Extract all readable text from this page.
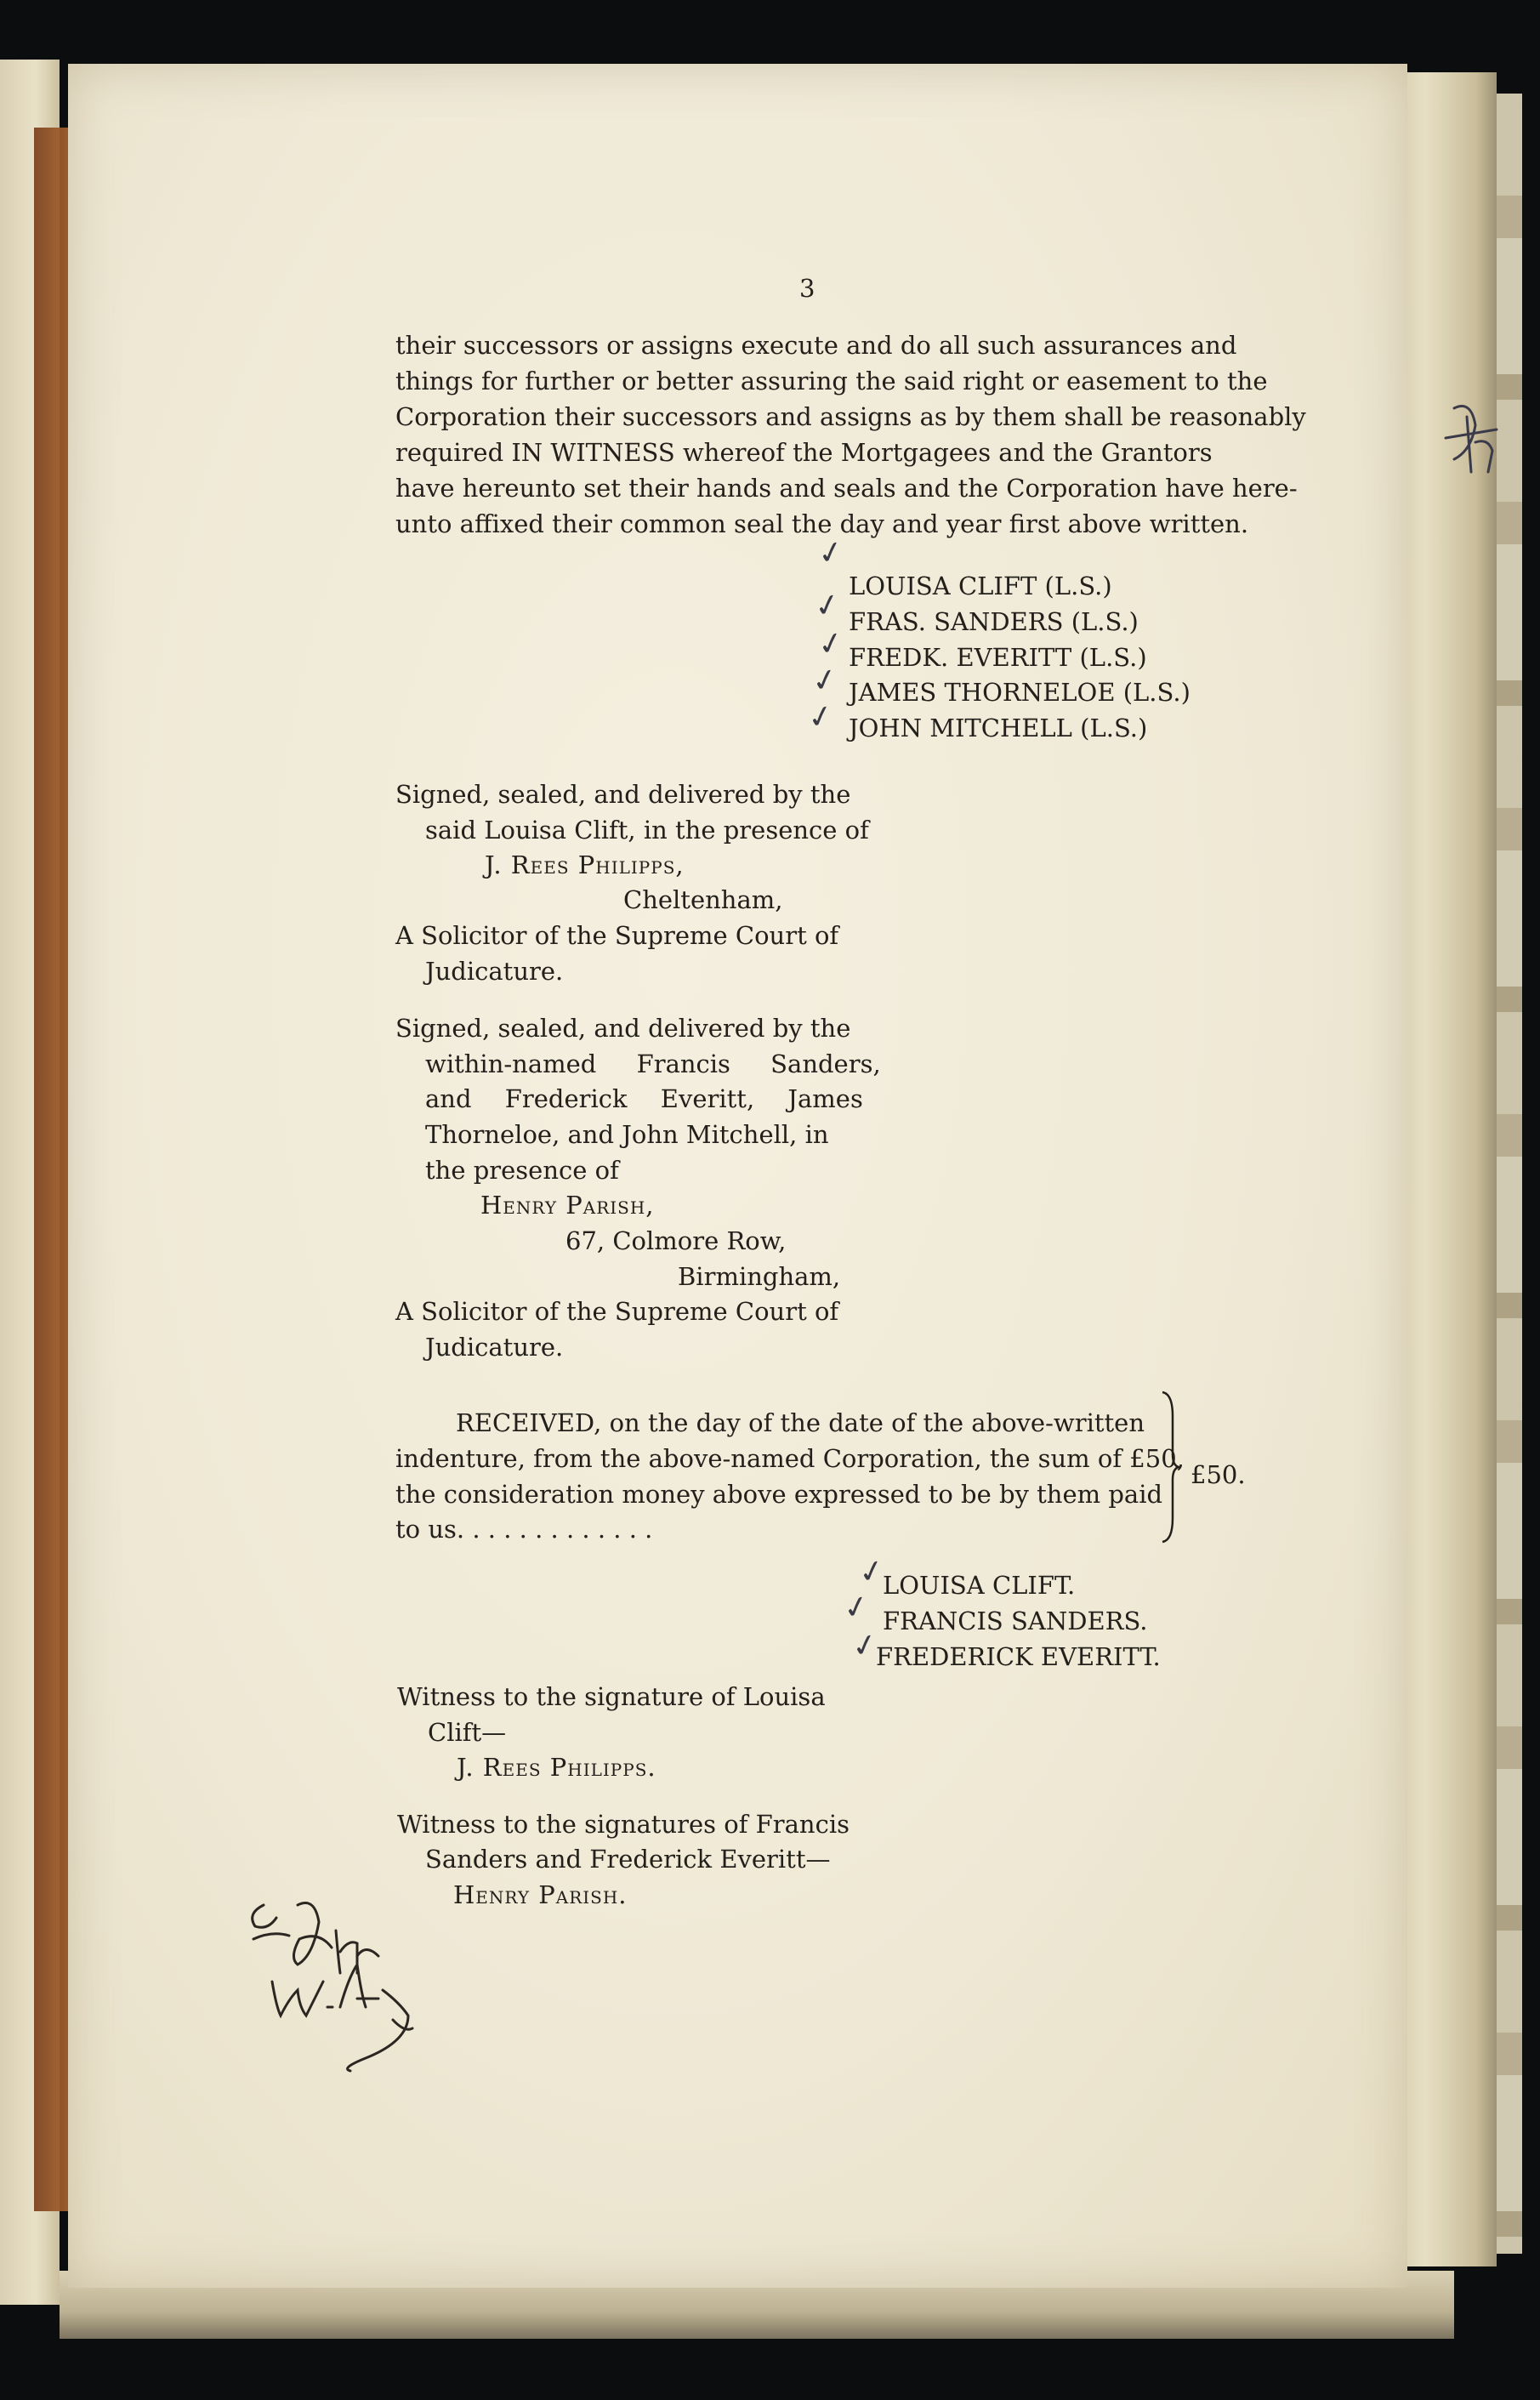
3
their successors or assigns execute and do all such assurances and
things for further or better assuring the said right or easement to the
Corporation their successors and assigns as by them shall be reasonably
required IN WITNESS whereof the Mortgagees and the Grantors
have hereunto set their hands and seals and the Corporation have here-
unto affixed their common seal the day and year first above written.
LOUISA CLIFT (L.S.)
FRAS. SANDERS (L.S.)
FREDK. EVERITT (L.S.)
JAMES THORNELOE (L.S.)
JOHN MITCHELL (L.S.)
✓
✓
✓
✓
✓
Signed, sealed, and delivered by the
said Louisa Clift, in the presence of
J. Rees Philipps,
Cheltenham,
A Solicitor of the Supreme Court of
Judicature.
Signed, sealed, and delivered by the
within-named Francis Sanders,
and Frederick Everitt, James
Thorneloe, and John Mitchell, in
the presence of
Henry Parish,
67, Colmore Row,
Birmingham,
A Solicitor of the Supreme Court of
Judicature.
RECEIVED, on the day of the date of the above-written
indenture, from the above-named Corporation, the sum of £50,
the consideration money above expressed to be by them paid
to us. . . . . . . . . . . . .
£50.
LOUISA CLIFT.
FRANCIS SANDERS.
FREDERICK EVERITT.
✓
✓
✓
Witness to the signature of Louisa
Clift—
J. Rees Philipps.
Witness to the signatures of Francis
Sanders and Frederick Everitt—
Henry Parish.
